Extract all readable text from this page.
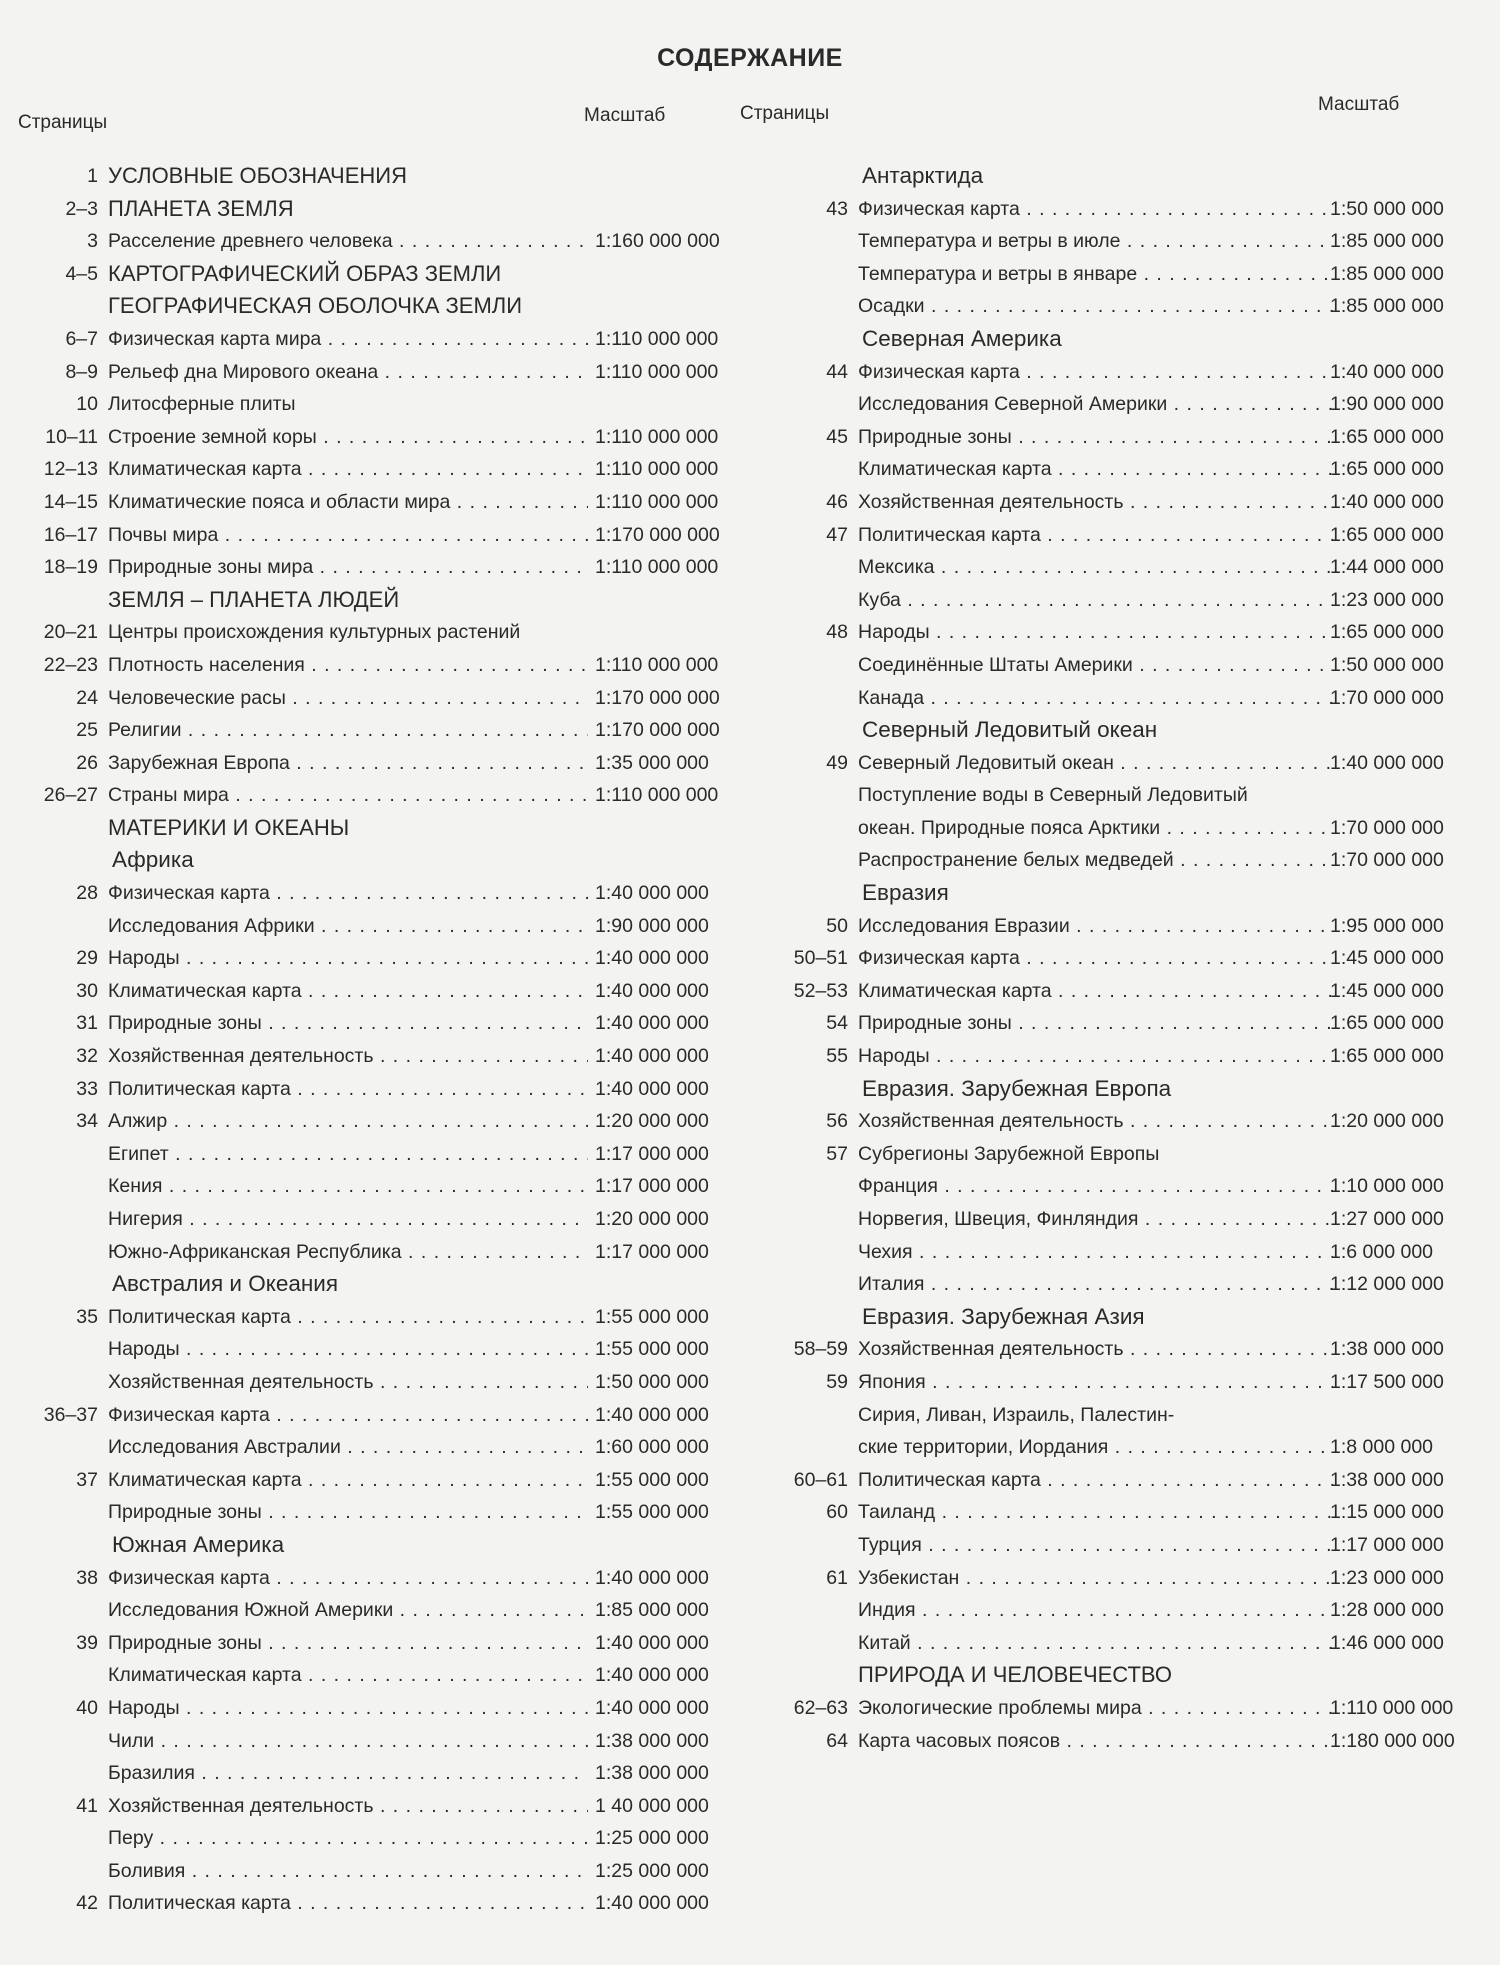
СОДЕРЖАНИЕ
Страницы	Масштаб	Страницы	Масштаб
1 УСЛОВНЫЕ ОБОЗНАЧЕНИЯ
2–3 ПЛАНЕТА ЗЕМЛЯ
3 Расселение древнего человека . . .	1:160 000 000
4–5 КАРТОГРАФИЧЕСКИЙ ОБРАЗ ЗЕМЛИ
ГЕОГРАФИЧЕСКАЯ ОБОЛОЧКА ЗЕМЛИ
6–7 Физическая карта мира . . .	1:110 000 000
8–9 Рельеф дна Мирового океана . . .	1:110 000 000
10 Литосферные плиты
10–11 Строение земной коры . . .	1:110 000 000
12–13 Климатическая карта . . .	1:110 000 000
14–15 Климатические пояса и области мира . . .	1:110 000 000
16–17 Почвы мира . . .	1:170 000 000
18–19 Природные зоны мира . . .	1:110 000 000
ЗЕМЛЯ – ПЛАНЕТА ЛЮДЕЙ
20–21 Центры происхождения культурных растений
22–23 Плотность населения . . .	1:110 000 000
24 Человеческие расы . . .	1:170 000 000
25 Религии . . .	1:170 000 000
26 Зарубежная Европа . . .	1:35 000 000
26–27 Страны мира . . .	1:110 000 000
МАТЕРИКИ И ОКЕАНЫ
Африка
28 Физическая карта . . .	1:40 000 000
Исследования Африки . . .	1:90 000 000
29 Народы . . .	1:40 000 000
30 Климатическая карта . . .	1:40 000 000
31 Природные зоны . . .	1:40 000 000
32 Хозяйственная деятельность . . .	1:40 000 000
33 Политическая карта . . .	1:40 000 000
34 Алжир . . .	1:20 000 000
Египет . . .	1:17 000 000
Кения . . .	1:17 000 000
Нигерия . . .	1:20 000 000
Южно-Африканская Республика . . .	1:17 000 000
Австралия и Океания
35 Политическая карта . . .	1:55 000 000
Народы . . .	1:55 000 000
Хозяйственная деятельность . . .	1:50 000 000
36–37 Физическая карта . . .	1:40 000 000
Исследования Австралии . . .	1:60 000 000
37 Климатическая карта . . .	1:55 000 000
Природные зоны . . .	1:55 000 000
Южная Америка
38 Физическая карта . . .	1:40 000 000
Исследования Южной Америки . . .	1:85 000 000
39 Природные зоны . . .	1:40 000 000
Климатическая карта . . .	1:40 000 000
40 Народы . . .	1:40 000 000
Чили . . .	1:38 000 000
Бразилия . . .	1:38 000 000
41 Хозяйственная деятельность . . .	1 40 000 000
Перу . . .	1:25 000 000
Боливия . . .	1:25 000 000
42 Политическая карта . . .	1:40 000 000
Антарктида
43 Физическая карта . . .	1:50 000 000
Температура и ветры в июле . . .	1:85 000 000
Температура и ветры в январе . . .	1:85 000 000
Осадки . . .	1:85 000 000
Северная Америка
44 Физическая карта . . .	1:40 000 000
Исследования Северной Америки . . .	1:90 000 000
45 Природные зоны . . .	1:65 000 000
Климатическая карта . . .	1:65 000 000
46 Хозяйственная деятельность . . .	1:40 000 000
47 Политическая карта . . .	1:65 000 000
Мексика . . .	1:44 000 000
Куба . . .	1:23 000 000
48 Народы . . .	1:65 000 000
Соединённые Штаты Америки . . .	1:50 000 000
Канада . . .	1:70 000 000
Северный Ледовитый океан
49 Северный Ледовитый океан . . .	1:40 000 000
Поступление воды в Северный Ледовитый
океан. Природные пояса Арктики . . .	1:70 000 000
Распространение белых медведей . . .	1:70 000 000
Евразия
50 Исследования Евразии . . .	1:95 000 000
50–51 Физическая карта . . .	1:45 000 000
52–53 Климатическая карта . . .	1:45 000 000
54 Природные зоны . . .	1:65 000 000
55 Народы . . .	1:65 000 000
Евразия. Зарубежная Европа
56 Хозяйственная деятельность . . .	1:20 000 000
57 Субрегионы Зарубежной Европы
Франция . . .	1:10 000 000
Норвегия, Швеция, Финляндия . . .	1:27 000 000
Чехия . . .	1:6 000 000
Италия . . .	1:12 000 000
Евразия. Зарубежная Азия
58–59 Хозяйственная деятельность . . .	1:38 000 000
59 Япония . . .	1:17 500 000
Сирия, Ливан, Израиль, Палестин-
ские территории, Иордания . . .	1:8 000 000
60–61 Политическая карта . . .	1:38 000 000
60 Таиланд . . .	1:15 000 000
Турция . . .	1:17 000 000
61 Узбекистан . . .	1:23 000 000
Индия . . .	1:28 000 000
Китай . . .	1:46 000 000
ПРИРОДА И ЧЕЛОВЕЧЕСТВО
62–63 Экологические проблемы мира . . .	1:110 000 000
64 Карта часовых поясов . . .	1:180 000 000
